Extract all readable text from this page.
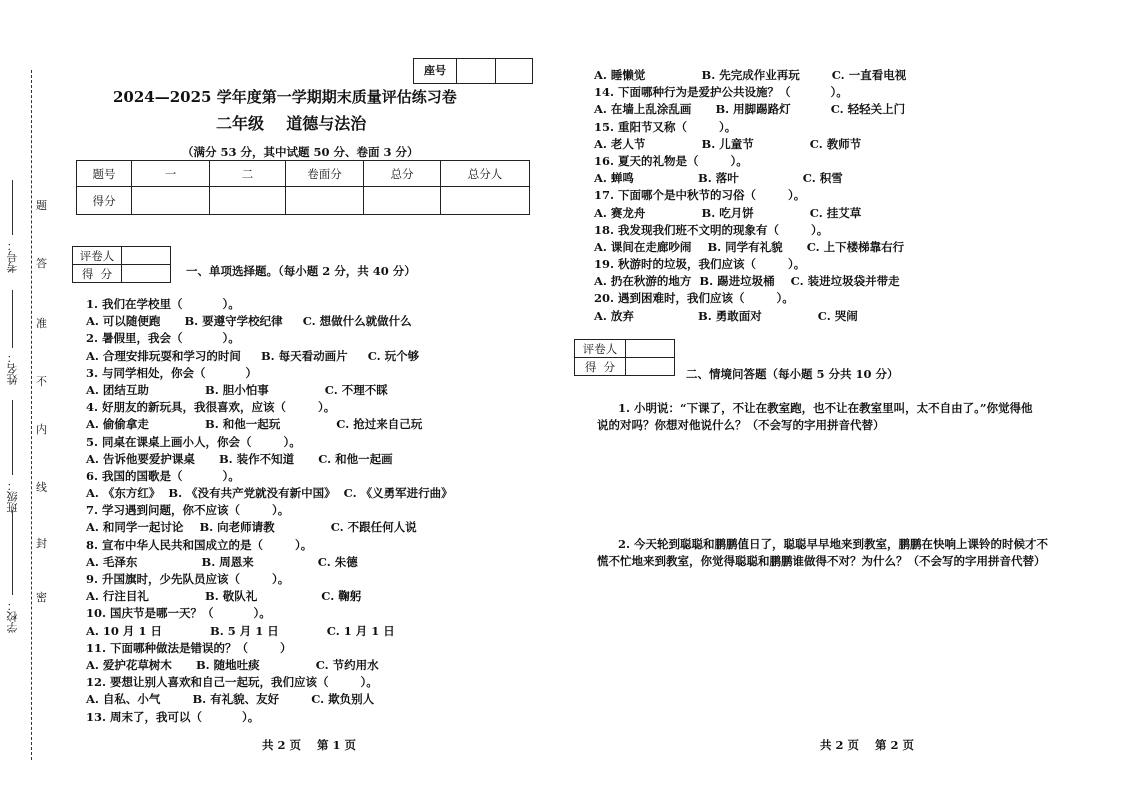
考号：
姓名：
班级：
学校：
题
答
准
不
内
线
封
密
座号
2024—2025 学年度第一学期期末质量评估练习卷
二年级    道德与法治
（满分 53 分，其中试题 50 分、卷面 3 分）
题号	一	二	卷面分	总分	总分人
得分					
评卷人	
得  分		一、单项选择题。（每小题 2 分，共 40 分）
1. 我们在学校里（          ）。
A. 可以随便跑      B. 要遵守学校纪律     C. 想做什么就做什么
2. 暑假里，我会（          ）。
A. 合理安排玩耍和学习的时间     B. 每天看动画片     C. 玩个够
3. 与同学相处，你会（          ）
A. 团结互助              B. 胆小怕事              C. 不理不睬
4. 好朋友的新玩具，我很喜欢，应该（        ）。
A. 偷偷拿走              B. 和他一起玩              C. 抢过来自己玩
5. 同桌在课桌上画小人，你会（        ）。
A. 告诉他要爱护课桌      B. 装作不知道      C. 和他一起画
6. 我国的国歌是（          ）。
A. 《东方红》  B. 《没有共产党就没有新中国》  C. 《义勇军进行曲》
7. 学习遇到问题，你不应该（        ）。
A. 和同学一起讨论    B. 向老师请教              C. 不跟任何人说
8. 宣布中华人民共和国成立的是（        ）。
A. 毛泽东                B. 周恩来                C. 朱德
9. 升国旗时，少先队员应该（        ）。
A. 行注目礼              B. 敬队礼                C. 鞠躬
10. 国庆节是哪一天？（          ）。
A. 10 月 1 日            B. 5 月 1 日            C. 1 月 1 日
11. 下面哪种做法是错误的？（        ）
A. 爱护花草树木      B. 随地吐痰              C. 节约用水
12. 要想让别人喜欢和自己一起玩，我们应该（        ）。
A. 自私、小气        B. 有礼貌、友好        C. 欺负别人
13. 周末了，我可以（          ）。
A. 睡懒觉              B. 先完成作业再玩        C. 一直看电视
14. 下面哪种行为是爱护公共设施？（          ）。
A. 在墙上乱涂乱画      B. 用脚踢路灯          C. 轻轻关上门
15. 重阳节又称（        ）。
A. 老人节              B. 儿童节              C. 教师节
16. 夏天的礼物是（        ）。
A. 蝉鸣                B. 落叶                C. 积雪
17. 下面哪个是中秋节的习俗（        ）。
A. 赛龙舟              B. 吃月饼              C. 挂艾草
18. 我发现我们班不文明的现象有（        ）。
A. 课间在走廊吵闹    B. 同学有礼貌      C. 上下楼梯靠右行
19. 秋游时的垃圾，我们应该（        ）。
A. 扔在秋游的地方  B. 踢进垃圾桶    C. 装进垃圾袋并带走
20. 遇到困难时，我们应该（        ）。
A. 放弃                B. 勇敢面对              C. 哭闹
评卷人	
得  分	
二、情境问答题（每小题 5 分共 10 分）
1. 小明说：“下课了，不让在教室跑，也不让在教室里叫，太不自由了。”你觉得他
说的对吗？你想对他说什么？（不会写的字用拼音代替）
2. 今天轮到聪聪和鹏鹏值日了，聪聪早早地来到教室，鹏鹏在快响上课铃的时候才不
慌不忙地来到教室，你觉得聪聪和鹏鹏谁做得不对？为什么？（不会写的字用拼音代替）
共 2 页    第 1 页	共 2 页    第 2 页
